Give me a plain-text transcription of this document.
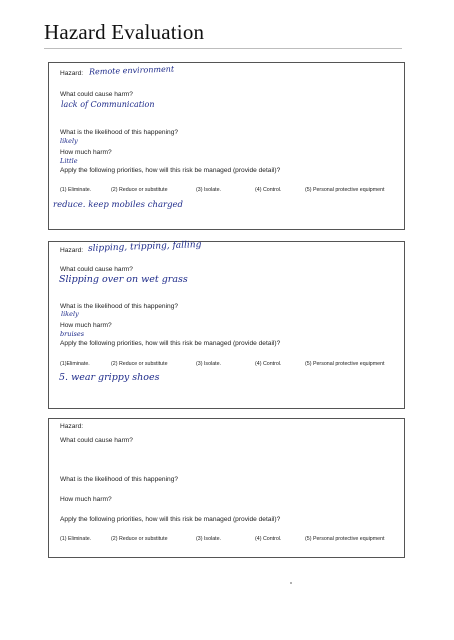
Hazard Evaluation
Hazard: Remote environment
What could cause harm?
lack of Communication
What is the likelihood of this happening?
likely
How much harm?
Little
Apply the following priorities, how will this risk be managed (provide detail)?
(1) Eliminate.	(2) Reduce or substitute	(3) Isolate.	(4) Control.	(5) Personal protective equipment
reduce. keep mobiles charged
Hazard: slipping, tripping, falling
What could cause harm?
Slipping over on wet grass
What is the likelihood of this happening?
likely
How much harm?
bruises
Apply the following priorities, how will this risk be managed (provide detail)?
(1)Eliminate.	(2) Reduce or substitute	(3) Isolate.	(4) Control.	(5) Personal protective equipment
5. wear grippy shoes
Hazard:
What could cause harm?
What is the likelihood of this happening?
How much harm?
Apply the following priorities, how will this risk be managed (provide detail)?
(1) Eliminate.	(2) Reduce or substitute	(3) Isolate.	(4) Control.	(5) Personal protective equipment
